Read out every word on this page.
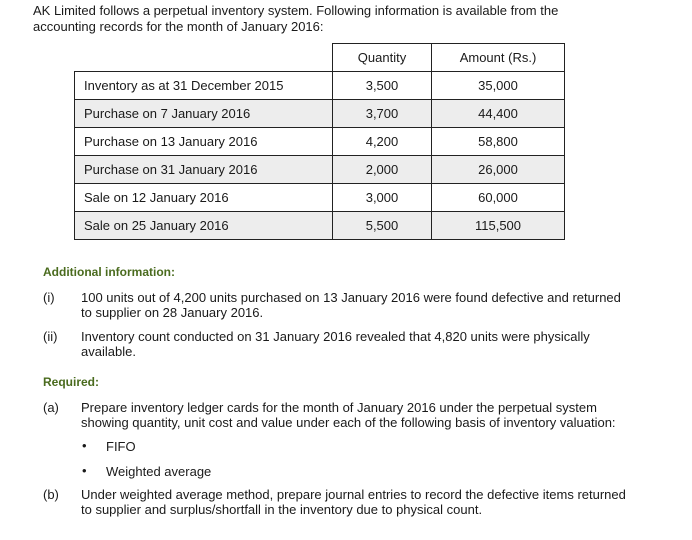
AK Limited follows a perpetual inventory system. Following information is available from the
accounting records for the month of January 2016:
	Quantity	Amount (Rs.)
Inventory as at 31 December 2015	3,500	35,000
Purchase on 7 January 2016	3,700	44,400
Purchase on 13 January 2016	4,200	58,800
Purchase on 31 January 2016	2,000	26,000
Sale on 12 January 2016	3,000	60,000
Sale on 25 January 2016	5,500	115,500
Additional information:
(i) 100 units out of 4,200 units purchased on 13 January 2016 were found defective and returned
to supplier on 28 January 2016.
(ii) Inventory count conducted on 31 January 2016 revealed that 4,820 units were physically
available.
Required:
(a) Prepare inventory ledger cards for the month of January 2016 under the perpetual system
showing quantity, unit cost and value under each of the following basis of inventory valuation:
• FIFO
• Weighted average
(b) Under weighted average method, prepare journal entries to record the defective items returned
to supplier and surplus/shortfall in the inventory due to physical count.
